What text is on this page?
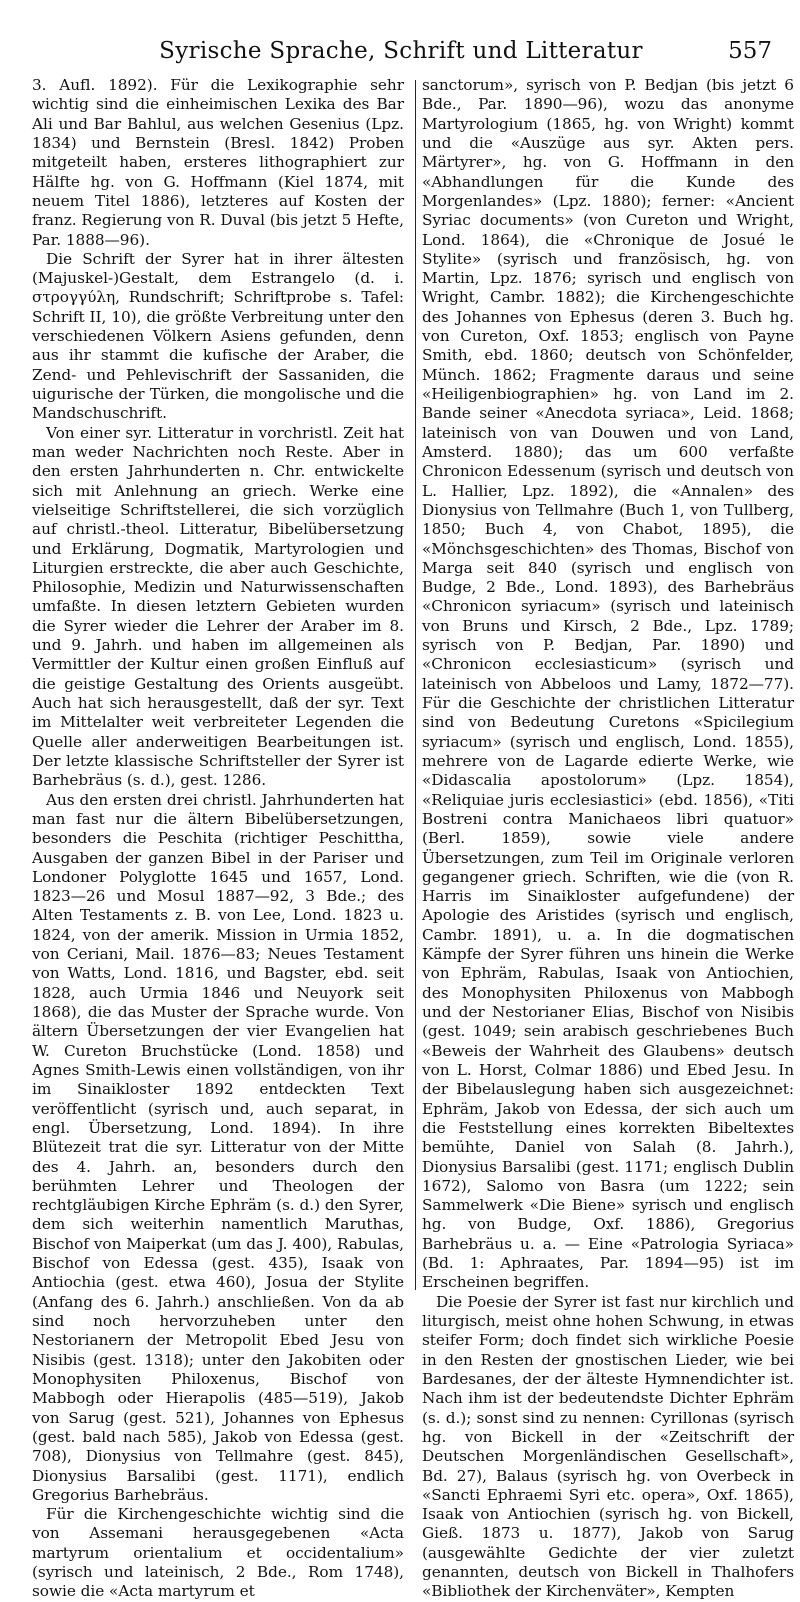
Syrische Sprache, Schrift und Litteratur	557

3. Aufl. 1892). Für die Lexikographie sehr wichtig sind die einheimischen Lexika des Bar Ali und Bar Bahlul, aus welchen Gesenius (Lpz. 1834) und Bernstein (Bresl. 1842) Proben mitgeteilt haben, ersteres lithographiert zur Hälfte hg. von G. Hoffmann (Kiel 1874, mit neuem Titel 1886), letzteres auf Kosten der franz. Regierung von R. Duval (bis jetzt 5 Hefte, Par. 1888—96).

Die Schrift der Syrer hat in ihrer ältesten (Majuskel-)Gestalt, dem Estrangelo (d. i. στρογγύλη, Rundschrift; Schriftprobe s. Tafel: Schrift II, 10), die größte Verbreitung unter den verschiedenen Völkern Asiens gefunden, denn aus ihr stammt die kufische der Araber, die Zend- und Pehlevischrift der Sassaniden, die uigurische der Türken, die mongolische und die Mandschuschrift.

Von einer syr. Litteratur in vorchristl. Zeit hat man weder Nachrichten noch Reste. Aber in den ersten Jahrhunderten n. Chr. entwickelte sich mit Anlehnung an griech. Werke eine vielseitige Schriftstellerei, die sich vorzüglich auf christl.-theol. Litteratur, Bibelübersetzung und Erklärung, Dogmatik, Martyrologien und Liturgien erstreckte, die aber auch Geschichte, Philosophie, Medizin und Naturwissenschaften umfaßte. In diesen letztern Gebieten wurden die Syrer wieder die Lehrer der Araber im 8. und 9. Jahrh. und haben im allgemeinen als Vermittler der Kultur einen großen Einfluß auf die geistige Gestaltung des Orients ausgeübt. Auch hat sich herausgestellt, daß der syr. Text im Mittelalter weit verbreiteter Legenden die Quelle aller anderweitigen Bearbeitungen ist. Der letzte klassische Schriftsteller der Syrer ist Barhebräus (s. d.), gest. 1286.

Aus den ersten drei christl. Jahrhunderten hat man fast nur die ältern Bibelübersetzungen, besonders die Peschita (richtiger Peschittha, Ausgaben der ganzen Bibel in der Pariser und Londoner Polyglotte 1645 und 1657, Lond. 1823—26 und Mosul 1887—92, 3 Bde.; des Alten Testaments z. B. von Lee, Lond. 1823 u. 1824, von der amerik. Mission in Urmia 1852, von Ceriani, Mail. 1876—83; Neues Testament von Watts, Lond. 1816, und Bagster, ebd. seit 1828, auch Urmia 1846 und Neuyork seit 1868), die das Muster der Sprache wurde. Von ältern Übersetzungen der vier Evangelien hat W. Cureton Bruchstücke (Lond. 1858) und Agnes Smith-Lewis einen vollständigen, von ihr im Sinaikloster 1892 entdeckten Text veröffentlicht (syrisch und, auch separat, in engl. Übersetzung, Lond. 1894). In ihre Blütezeit trat die syr. Litteratur von der Mitte des 4. Jahrh. an, besonders durch den berühmten Lehrer und Theologen der rechtgläubigen Kirche Ephräm (s. d.) den Syrer, dem sich weiterhin namentlich Maruthas, Bischof von Maiperkat (um das J. 400), Rabulas, Bischof von Edessa (gest. 435), Isaak von Antiochia (gest. etwa 460), Josua der Stylite (Anfang des 6. Jahrh.) anschließen. Von da ab sind noch hervorzuheben unter den Nestorianern der Metropolit Ebed Jesu von Nisibis (gest. 1318); unter den Jakobiten oder Monophysiten Philoxenus, Bischof von Mabbogh oder Hierapolis (485—519), Jakob von Sarug (gest. 521), Johannes von Ephesus (gest. bald nach 585), Jakob von Edessa (gest. 708), Dionysius von Tellmahre (gest. 845), Dionysius Barsalibi (gest. 1171), endlich Gregorius Barhebräus.

Für die Kirchengeschichte wichtig sind die von Assemani herausgegebenen «Acta martyrum orientalium et occidentalium» (syrisch und lateinisch, 2 Bde., Rom 1748), sowie die «Acta martyrum et

sanctorum», syrisch von P. Bedjan (bis jetzt 6 Bde., Par. 1890—96), wozu das anonyme Martyrologium (1865, hg. von Wright) kommt und die «Auszüge aus syr. Akten pers. Märtyrer», hg. von G. Hoffmann in den «Abhandlungen für die Kunde des Morgenlandes» (Lpz. 1880); ferner: «Ancient Syriac documents» (von Cureton und Wright, Lond. 1864), die «Chronique de Josué le Stylite» (syrisch und französisch, hg. von Martin, Lpz. 1876; syrisch und englisch von Wright, Cambr. 1882); die Kirchengeschichte des Johannes von Ephesus (deren 3. Buch hg. von Cureton, Oxf. 1853; englisch von Payne Smith, ebd. 1860; deutsch von Schönfelder, Münch. 1862; Fragmente daraus und seine «Heiligenbiographien» hg. von Land im 2. Bande seiner «Anecdota syriaca», Leid. 1868; lateinisch von van Douwen und von Land, Amsterd. 1880); das um 600 verfaßte Chronicon Edessenum (syrisch und deutsch von L. Hallier, Lpz. 1892), die «Annalen» des Dionysius von Tellmahre (Buch 1, von Tullberg, 1850; Buch 4, von Chabot, 1895), die «Mönchsgeschichten» des Thomas, Bischof von Marga seit 840 (syrisch und englisch von Budge, 2 Bde., Lond. 1893), des Barhebräus «Chronicon syriacum» (syrisch und lateinisch von Bruns und Kirsch, 2 Bde., Lpz. 1789; syrisch von P. Bedjan, Par. 1890) und «Chronicon ecclesiasticum» (syrisch und lateinisch von Abbeloos und Lamy, 1872—77). Für die Geschichte der christlichen Litteratur sind von Bedeutung Curetons «Spicilegium syriacum» (syrisch und englisch, Lond. 1855), mehrere von de Lagarde edierte Werke, wie «Didascalia apostolorum» (Lpz. 1854), «Reliquiae juris ecclesiastici» (ebd. 1856), «Titi Bostreni contra Manichaeos libri quatuor» (Berl. 1859), sowie viele andere Übersetzungen, zum Teil im Originale verloren gegangener griech. Schriften, wie die (von R. Harris im Sinaikloster aufgefundene) der Apologie des Aristides (syrisch und englisch, Cambr. 1891), u. a. In die dogmatischen Kämpfe der Syrer führen uns hinein die Werke von Ephräm, Rabulas, Isaak von Antiochien, des Monophysiten Philoxenus von Mabbogh und der Nestorianer Elias, Bischof von Nisibis (gest. 1049; sein arabisch geschriebenes Buch «Beweis der Wahrheit des Glaubens» deutsch von L. Horst, Colmar 1886) und Ebed Jesu. In der Bibelauslegung haben sich ausgezeichnet: Ephräm, Jakob von Edessa, der sich auch um die Feststellung eines korrekten Bibeltextes bemühte, Daniel von Salah (8. Jahrh.), Dionysius Barsalibi (gest. 1171; englisch Dublin 1672), Salomo von Basra (um 1222; sein Sammelwerk «Die Biene» syrisch und englisch hg. von Budge, Oxf. 1886), Gregorius Barhebräus u. a. — Eine «Patrologia Syriaca» (Bd. 1: Aphraates, Par. 1894—95) ist im Erscheinen begriffen.

Die Poesie der Syrer ist fast nur kirchlich und liturgisch, meist ohne hohen Schwung, in etwas steifer Form; doch findet sich wirkliche Poesie in den Resten der gnostischen Lieder, wie bei Bardesanes, der der älteste Hymnendichter ist. Nach ihm ist der bedeutendste Dichter Ephräm (s. d.); sonst sind zu nennen: Cyrillonas (syrisch hg. von Bickell in der «Zeitschrift der Deutschen Morgenländischen Gesellschaft», Bd. 27), Balaus (syrisch hg. von Overbeck in «Sancti Ephraemi Syri etc. opera», Oxf. 1865), Isaak von Antiochien (syrisch hg. von Bickell, Gieß. 1873 u. 1877), Jakob von Sarug (ausgewählte Gedichte der vier zuletzt genannten, deutsch von Bickell in Thalhofers «Bibliothek der Kirchenväter», Kempten
